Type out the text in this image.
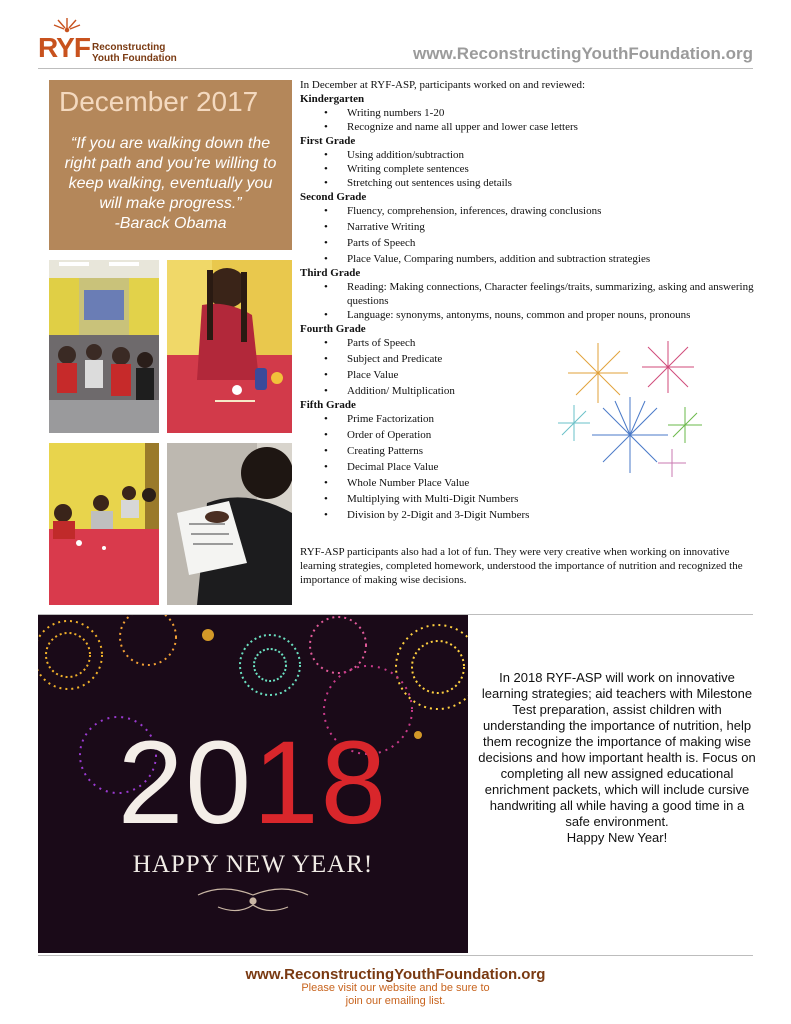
RYF Reconstructing
Youth Foundation	www.ReconstructingYouthFoundation.org
December 2017
“If you are walking down the right path and you’re willing to keep walking, eventually you will make progress.”
-Barack Obama
In December at RYF-ASP, participants worked on and reviewed:
Kindergarten
• Writing numbers 1-20
• Recognize and name all upper and lower case letters
First Grade
• Using addition/subtraction
• Writing complete sentences
• Stretching out sentences using details
Second Grade
• Fluency, comprehension, inferences, drawing conclusions
• Narrative Writing
• Parts of Speech
• Place Value, Comparing numbers, addition and subtraction strategies
Third Grade
• Reading: Making connections, Character feelings/traits, summarizing, asking and answering questions
• Language: synonyms, antonyms, nouns, common and proper nouns, pronouns
Fourth Grade
• Parts of Speech
• Subject and Predicate
• Place Value
• Addition/ Multiplication
Fifth Grade
• Prime Factorization
• Order of Operation
• Creating Patterns
• Decimal Place Value
• Whole Number Place Value
• Multiplying with Multi-Digit Numbers
• Division by 2-Digit and 3-Digit Numbers
RYF-ASP participants also had a lot of fun. They were very creative when working on innovative learning strategies, completed homework, understood the importance of nutrition and recognized the importance of making wise decisions.
2018
HAPPY NEW YEAR!
In 2018 RYF-ASP will work on innovative learning strategies; aid teachers with Milestone Test preparation, assist children with understanding the importance of nutrition, help them recognize the importance of making wise decisions and how important health is. Focus on completing all new assigned educational enrichment packets, which will include cursive handwriting all while having a good time in a safe environment.
Happy New Year!
www.ReconstructingYouthFoundation.org
Please visit our website and be sure to
join our emailing list.
